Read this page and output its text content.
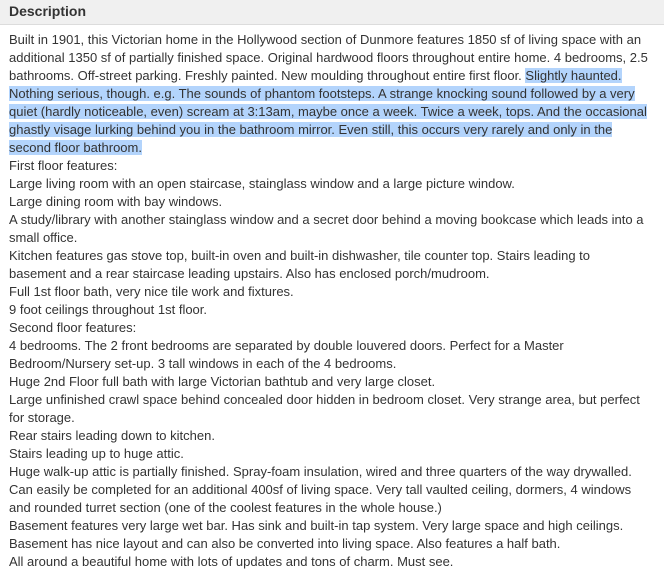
Description
Built in 1901, this Victorian home in the Hollywood section of Dunmore features 1850 sf of living space with an
additional 1350 sf of partially finished space. Original hardwood floors throughout entire home. 4 bedrooms, 2.5
bathrooms. Off-street parking. Freshly painted. New moulding throughout entire first floor. Slightly haunted.
Nothing serious, though. e.g. The sounds of phantom footsteps. A strange knocking sound followed by a very
quiet (hardly noticeable, even) scream at 3:13am, maybe once a week. Twice a week, tops. And the occasional
ghastly visage lurking behind you in the bathroom mirror. Even still, this occurs very rarely and only in the
second floor bathroom.
First floor features:
Large living room with an open staircase, stainglass window and a large picture window.
Large dining room with bay windows.
A study/library with another stainglass window and a secret door behind a moving bookcase which leads into a
small office.
Kitchen features gas stove top, built-in oven and built-in dishwasher, tile counter top. Stairs leading to
basement and a rear staircase leading upstairs. Also has enclosed porch/mudroom.
Full 1st floor bath, very nice tile work and fixtures.
9 foot ceilings throughout 1st floor.
Second floor features:
4 bedrooms. The 2 front bedrooms are separated by double louvered doors. Perfect for a Master
Bedroom/Nursery set-up. 3 tall windows in each of the 4 bedrooms.
Huge 2nd Floor full bath with large Victorian bathtub and very large closet.
Large unfinished crawl space behind concealed door hidden in bedroom closet. Very strange area, but perfect
for storage.
Rear stairs leading down to kitchen.
Stairs leading up to huge attic.
Huge walk-up attic is partially finished. Spray-foam insulation, wired and three quarters of the way drywalled.
Can easily be completed for an additional 400sf of living space. Very tall vaulted ceiling, dormers, 4 windows
and rounded turret section (one of the coolest features in the whole house.)
Basement features very large wet bar. Has sink and built-in tap system. Very large space and high ceilings.
Basement has nice layout and can also be converted into living space. Also features a half bath.
All around a beautiful home with lots of updates and tons of charm. Must see.
